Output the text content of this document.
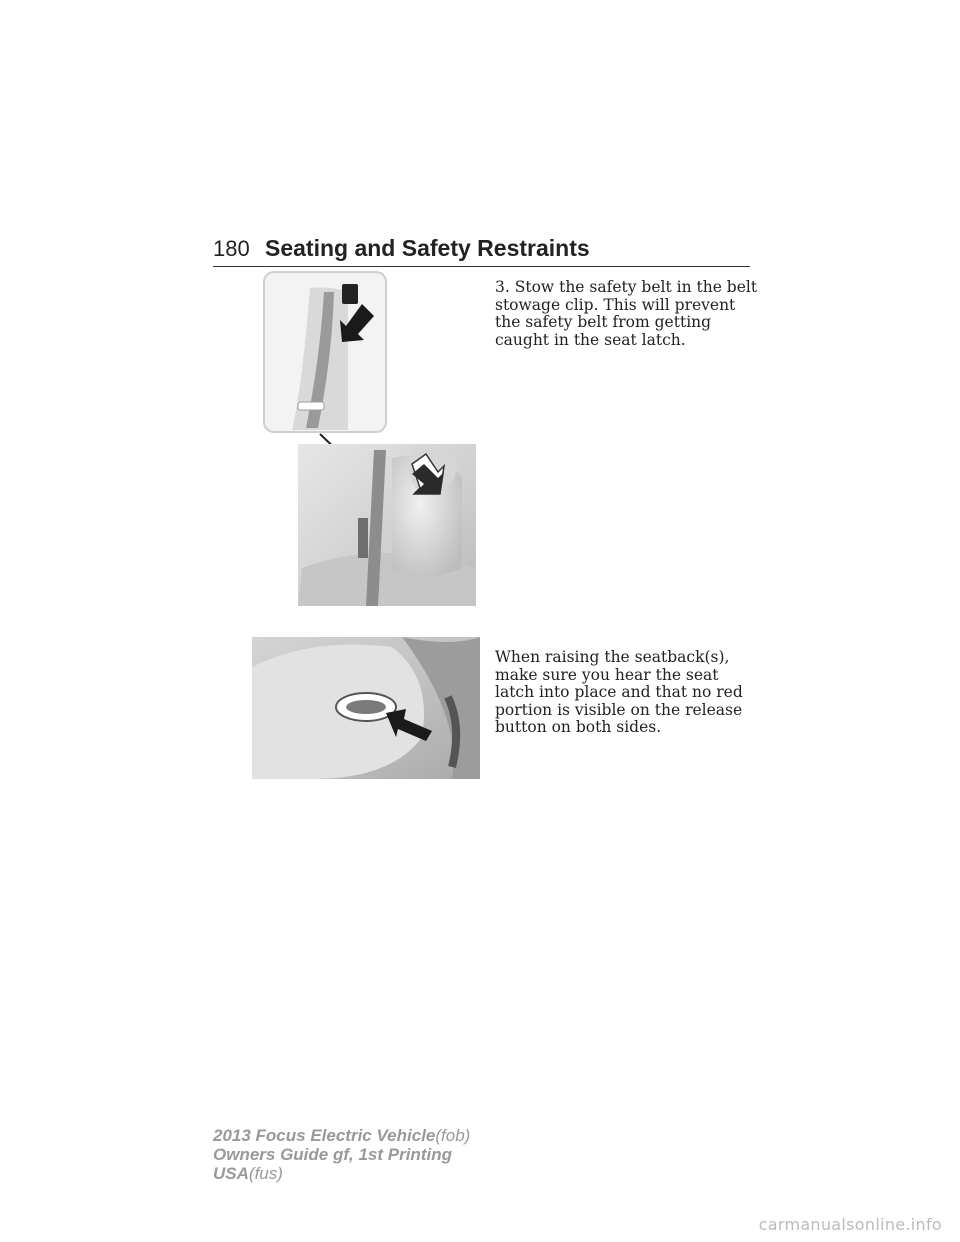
180 Seating and Safety Restraints
3. Stow the safety belt in the belt stowage clip. This will prevent the safety belt from getting caught in the seat latch.
When raising the seatback(s), make sure you hear the seat latch into place and that no red portion is visible on the release button on both sides.
2013 Focus Electric Vehicle(fob)
Owners Guide gf, 1st Printing
USA(fus)
carmanualsonline.info
